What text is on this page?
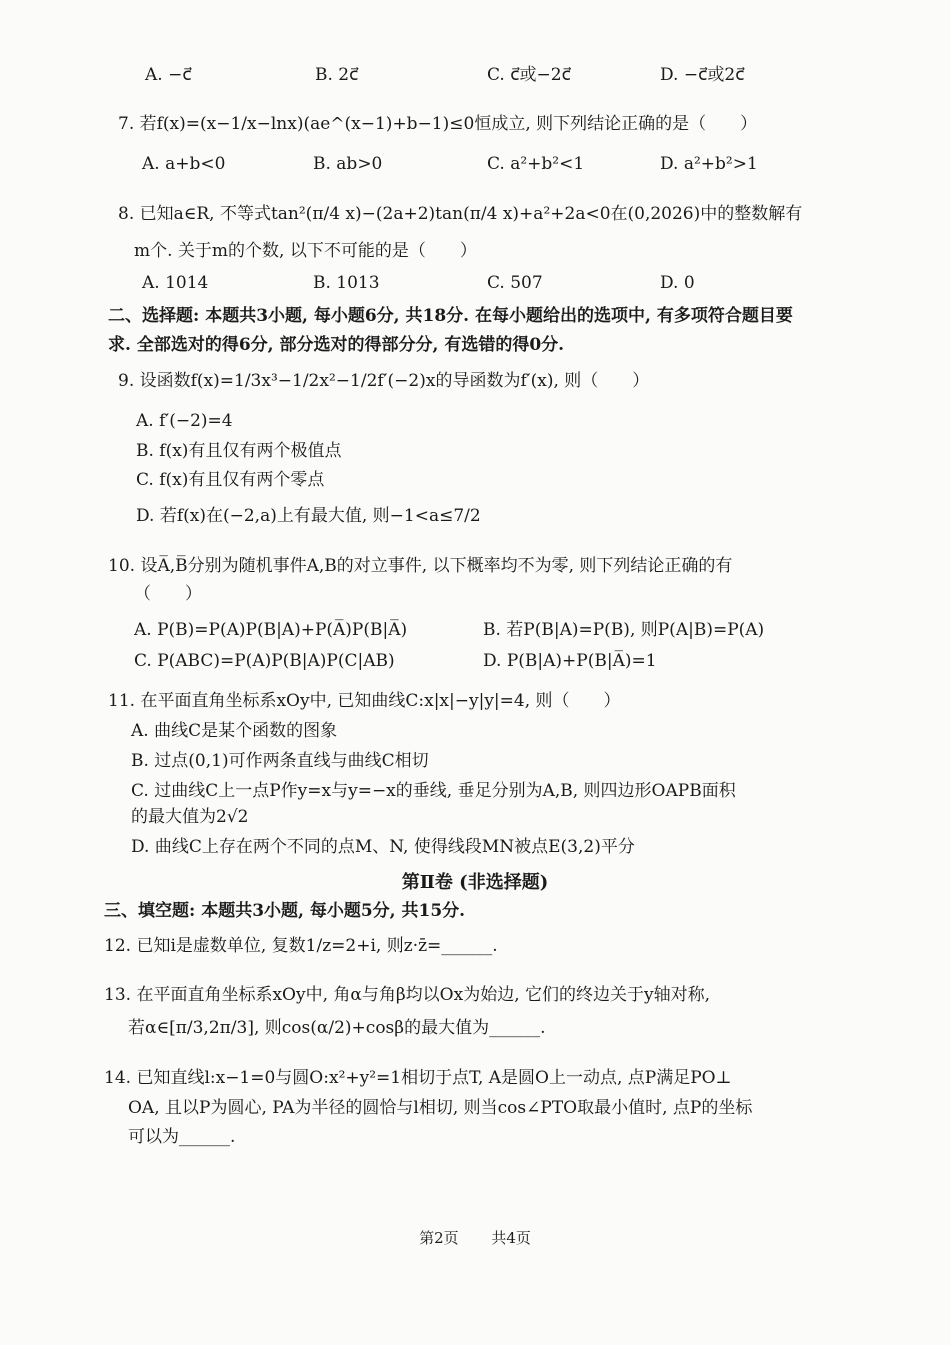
A. −c⃗	B. 2c⃗	C. c⃗或−2c⃗	D. −c⃗或2c⃗
7. 若f(x)=(x−1/x−lnx)(ae^(x−1)+b−1)≤0恒成立, 则下列结论正确的是（　　）
A. a+b<0	B. ab>0	C. a²+b²<1	D. a²+b²>1
8. 已知a∈R, 不等式tan²(π/4 x)−(2a+2)tan(π/4 x)+a²+2a<0在(0,2026)中的整数解有
m个. 关于m的个数, 以下不可能的是（　　）
A. 1014	B. 1013	C. 507	D. 0
二、选择题: 本题共3小题, 每小题6分, 共18分. 在每小题给出的选项中, 有多项符合题目要
求. 全部选对的得6分, 部分选对的得部分分, 有选错的得0分.
9. 设函数f(x)=1/3x³−1/2x²−1/2f′(−2)x的导函数为f′(x), 则（　　）
A. f′(−2)=4
B. f(x)有且仅有两个极值点
C. f(x)有且仅有两个零点
D. 若f(x)在(−2,a)上有最大值, 则−1<a≤7/2
10. 设A̅,B̅分别为随机事件A,B的对立事件, 以下概率均不为零, 则下列结论正确的有
（　　）
A. P(B)=P(A)P(B|A)+P(A̅)P(B|A̅)	B. 若P(B|A)=P(B), 则P(A|B)=P(A)
C. P(ABC)=P(A)P(B|A)P(C|AB)	D. P(B|A)+P(B|A̅)=1
11. 在平面直角坐标系xOy中, 已知曲线C:x|x|−y|y|=4, 则（　　）
A. 曲线C是某个函数的图象
B. 过点(0,1)可作两条直线与曲线C相切
C. 过曲线C上一点P作y=x与y=−x的垂线, 垂足分别为A,B, 则四边形OAPB面积
的最大值为2√2
D. 曲线C上存在两个不同的点M、N, 使得线段MN被点E(3,2)平分
第Ⅱ卷 (非选择题)
三、填空题: 本题共3小题, 每小题5分, 共15分.
12. 已知i是虚数单位, 复数1/z=2+i, 则z·z̄=______.
13. 在平面直角坐标系xOy中, 角α与角β均以Ox为始边, 它们的终边关于y轴对称,
若α∈[π/3,2π/3], 则cos(α/2)+cosβ的最大值为______.
14. 已知直线l:x−1=0与圆O:x²+y²=1相切于点T, A是圆O上一动点, 点P满足PO⊥
OA, 且以P为圆心, PA为半径的圆恰与l相切, 则当cos∠PTO取最小值时, 点P的坐标
可以为______.
第2页 共4页
